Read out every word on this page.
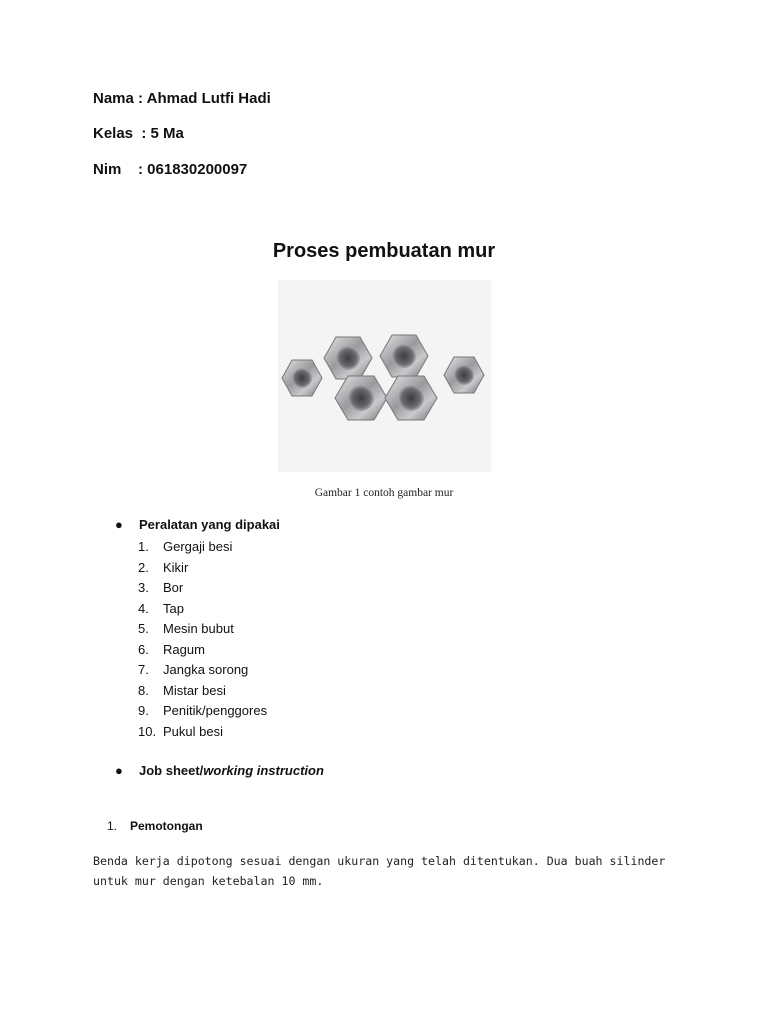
Nama : Ahmad Lutfi Hadi
Kelas  : 5 Ma
Nim    : 061830200097
Proses pembuatan mur
Gambar 1 contoh gambar mur
● Peralatan yang dipakai
1.	Gergaji besi
2.	Kikir
3.	Bor
4.	Tap
5.	Mesin bubut
6.	Ragum
7.	Jangka sorong
8.	Mistar besi
9.	Penitik/penggores
10. Pukul besi
● Job sheet/working instruction
1. Pemotongan
Benda kerja dipotong sesuai dengan ukuran yang telah ditentukan. Dua buah silinder untuk mur dengan ketebalan 10 mm.
